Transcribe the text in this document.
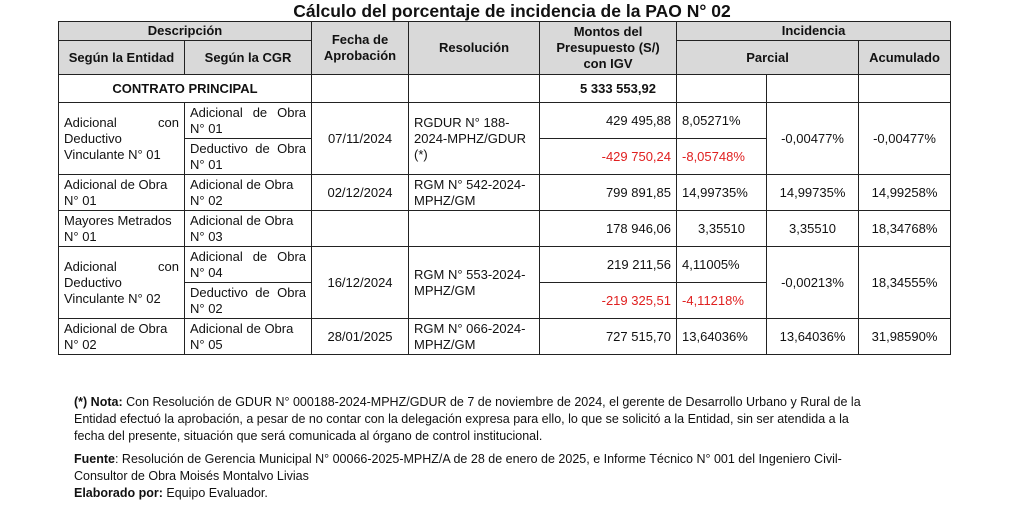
Cálculo del porcentaje de incidencia de la PAO N° 02
Descripción		Fecha de Aprobación	Resolución	Montos del Presupuesto (S/) con IGV	Incidencia		
Según la Entidad	Según la CGR				Parcial		Acumulado
CONTRATO PRINCIPAL				5 333 553,92			
Adicional con Deductivo Vinculante N° 01	Adicional de Obra N° 01	07/11/2024	RGDUR N° 188-2024-MPHZ/GDUR (*)	429 495,88	8,05271%	-0,00477%	-0,00477%
	Deductivo de Obra N° 01			-429 750,24	-8,05748%		
Adicional de Obra N° 01	Adicional de Obra N° 02	02/12/2024	RGM N° 542-2024-MPHZ/GM	799 891,85	14,99735%	14,99735%	14,99258%
Mayores Metrados N° 01	Adicional de Obra N° 03			178 946,06	3,35510	3,35510	18,34768%
Adicional con Deductivo Vinculante N° 02	Adicional de Obra N° 04	16/12/2024	RGM N° 553-2024-MPHZ/GM	219 211,56	4,11005%	-0,00213%	18,34555%
	Deductivo de Obra N° 02			-219 325,51	-4,11218%		
Adicional de Obra N° 02	Adicional de Obra N° 05	28/01/2025	RGM N° 066-2024-MPHZ/GM	727 515,70	13,64036%	13,64036%	31,98590%

(*) Nota: Con Resolución de GDUR N° 000188-2024-MPHZ/GDUR de 7 de noviembre de 2024, el gerente de Desarrollo Urbano y Rural de la Entidad efectuó la aprobación, a pesar de no contar con la delegación expresa para ello, lo que se solicitó a la Entidad, sin ser atendida a la fecha del presente, situación que será comunicada al órgano de control institucional.

Fuente: Resolución de Gerencia Municipal N° 00066-2025-MPHZ/A de 28 de enero de 2025, e Informe Técnico N° 001 del Ingeniero Civil-Consultor de Obra Moisés Montalvo Livias

Elaborado por: Equipo Evaluador.
